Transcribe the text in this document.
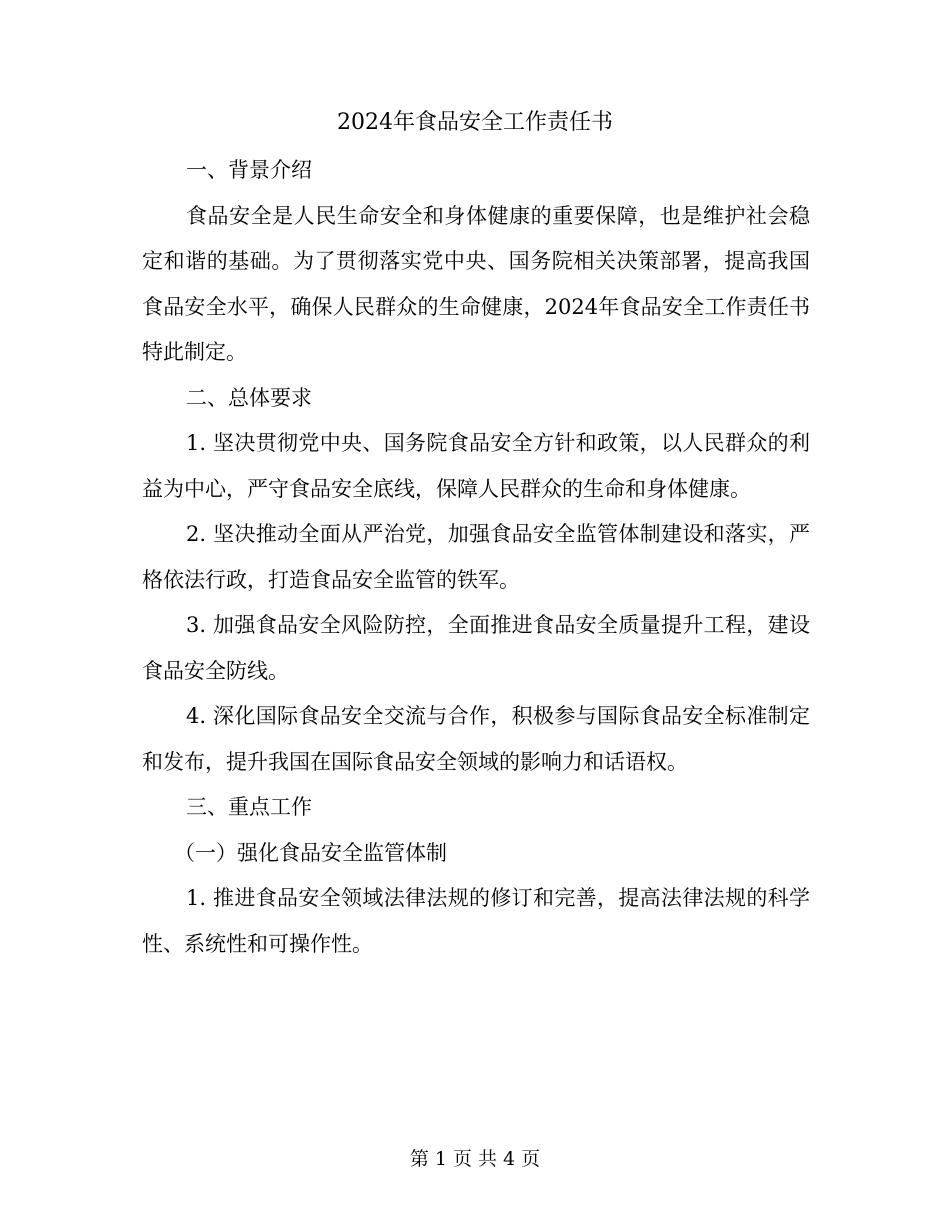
2024年食品安全工作责任书

一、背景介绍

食品安全是人民生命安全和身体健康的重要保障，也是维护社会稳定和谐的基础。为了贯彻落实党中央、国务院相关决策部署，提高我国食品安全水平，确保人民群众的生命健康，2024年食品安全工作责任书特此制定。

二、总体要求

1. 坚决贯彻党中央、国务院食品安全方针和政策，以人民群众的利益为中心，严守食品安全底线，保障人民群众的生命和身体健康。

2. 坚决推动全面从严治党，加强食品安全监管体制建设和落实，严格依法行政，打造食品安全监管的铁军。

3. 加强食品安全风险防控，全面推进食品安全质量提升工程，建设食品安全防线。

4. 深化国际食品安全交流与合作，积极参与国际食品安全标准制定和发布，提升我国在国际食品安全领域的影响力和话语权。

三、重点工作

（一）强化食品安全监管体制

1. 推进食品安全领域法律法规的修订和完善，提高法律法规的科学性、系统性和可操作性。

第 1 页 共 4 页
